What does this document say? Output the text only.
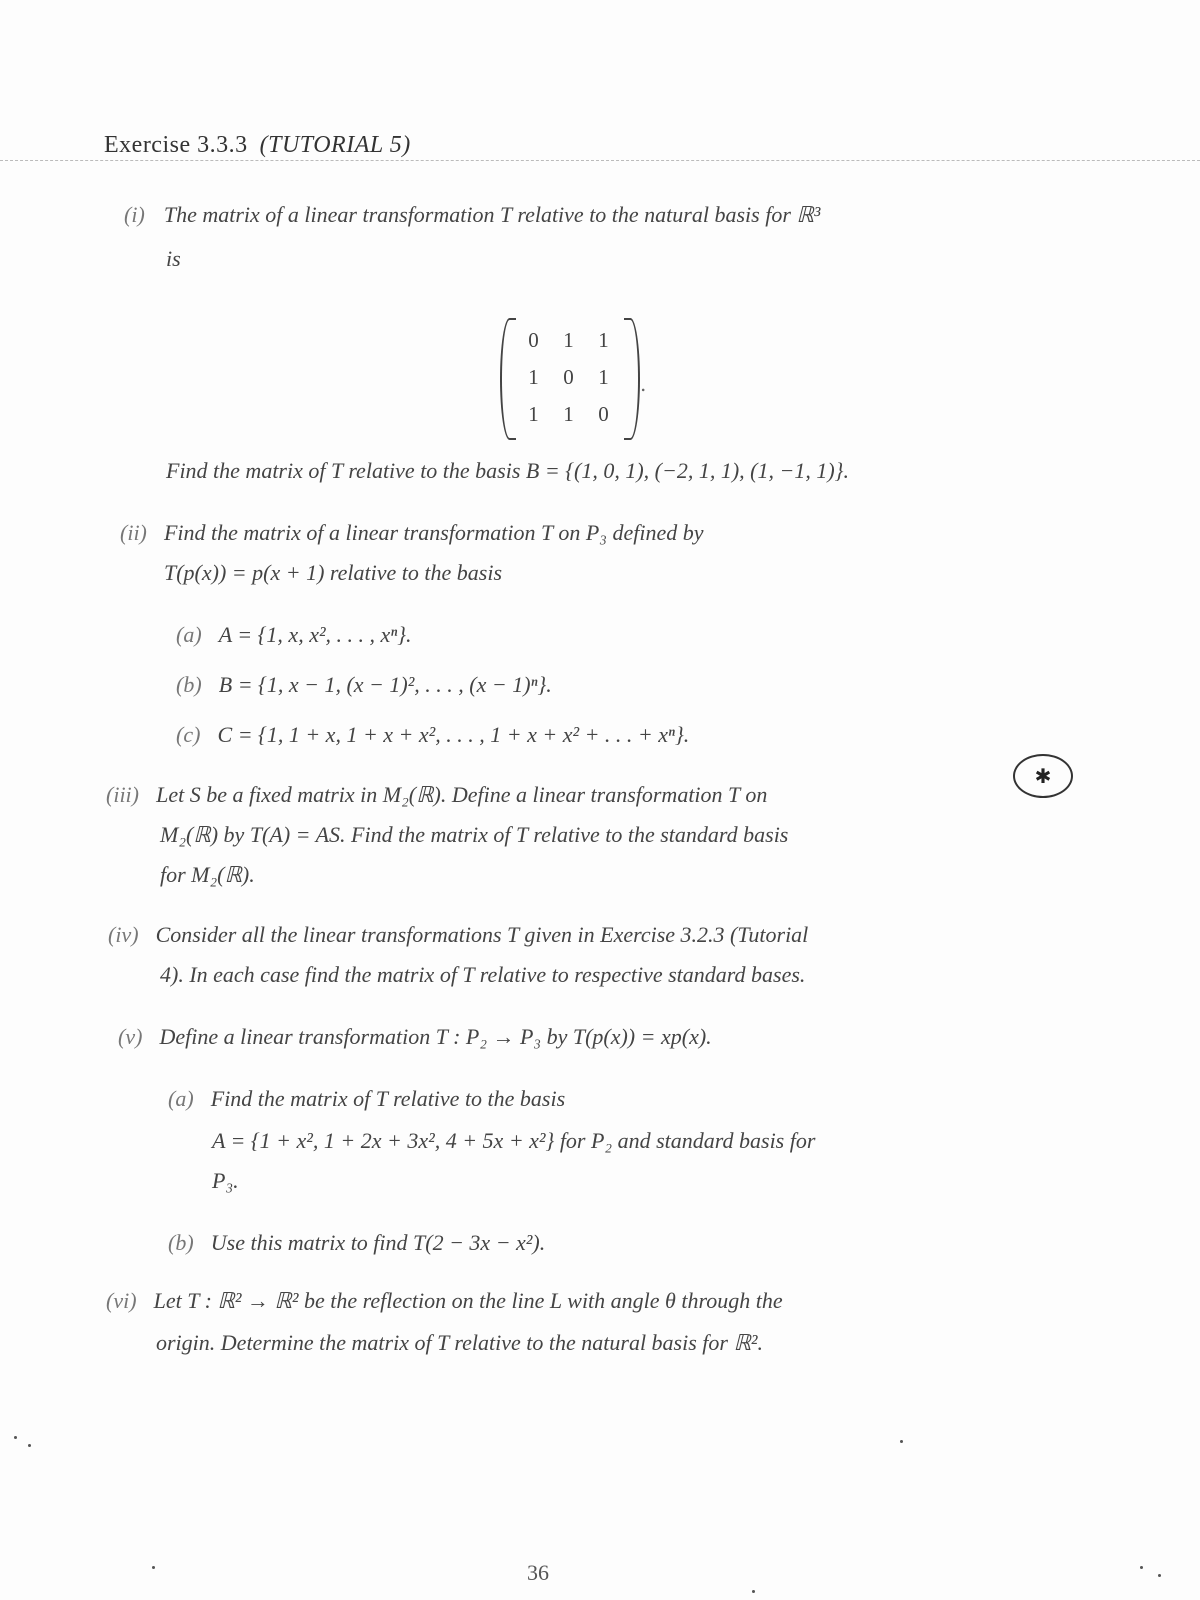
Exercise 3.3.3 (TUTORIAL 5)
(i) The matrix of a linear transformation T relative to the natural basis for ℝ³
is
0	1	1
1	0	1
1	1	0
.
Find the matrix of T relative to the basis B = {(1, 0, 1), (−2, 1, 1), (1, −1, 1)}.
(ii) Find the matrix of a linear transformation T on P₃ defined by
T(p(x)) = p(x + 1) relative to the basis
(a) A = {1, x, x², . . . , xⁿ}.
(b) B = {1, x − 1, (x − 1)², . . . , (x − 1)ⁿ}.
(c) C = {1, 1 + x, 1 + x + x², . . . , 1 + x + x² + . . . + xⁿ}.
✱
(iii) Let S be a fixed matrix in M₂(ℝ). Define a linear transformation T on
M₂(ℝ) by T(A) = AS. Find the matrix of T relative to the standard basis
for M₂(ℝ).
(iv) Consider all the linear transformations T given in Exercise 3.2.3 (Tutorial
4). In each case find the matrix of T relative to respective standard bases.
(v) Define a linear transformation T : P₂ → P₃ by T(p(x)) = xp(x).
(a) Find the matrix of T relative to the basis
A = {1 + x², 1 + 2x + 3x², 4 + 5x + x²} for P₂ and standard basis for
P₃.
(b) Use this matrix to find T(2 − 3x − x²).
(vi) Let T : ℝ² → ℝ² be the reflection on the line L with angle θ through the
origin. Determine the matrix of T relative to the natural basis for ℝ².
36
